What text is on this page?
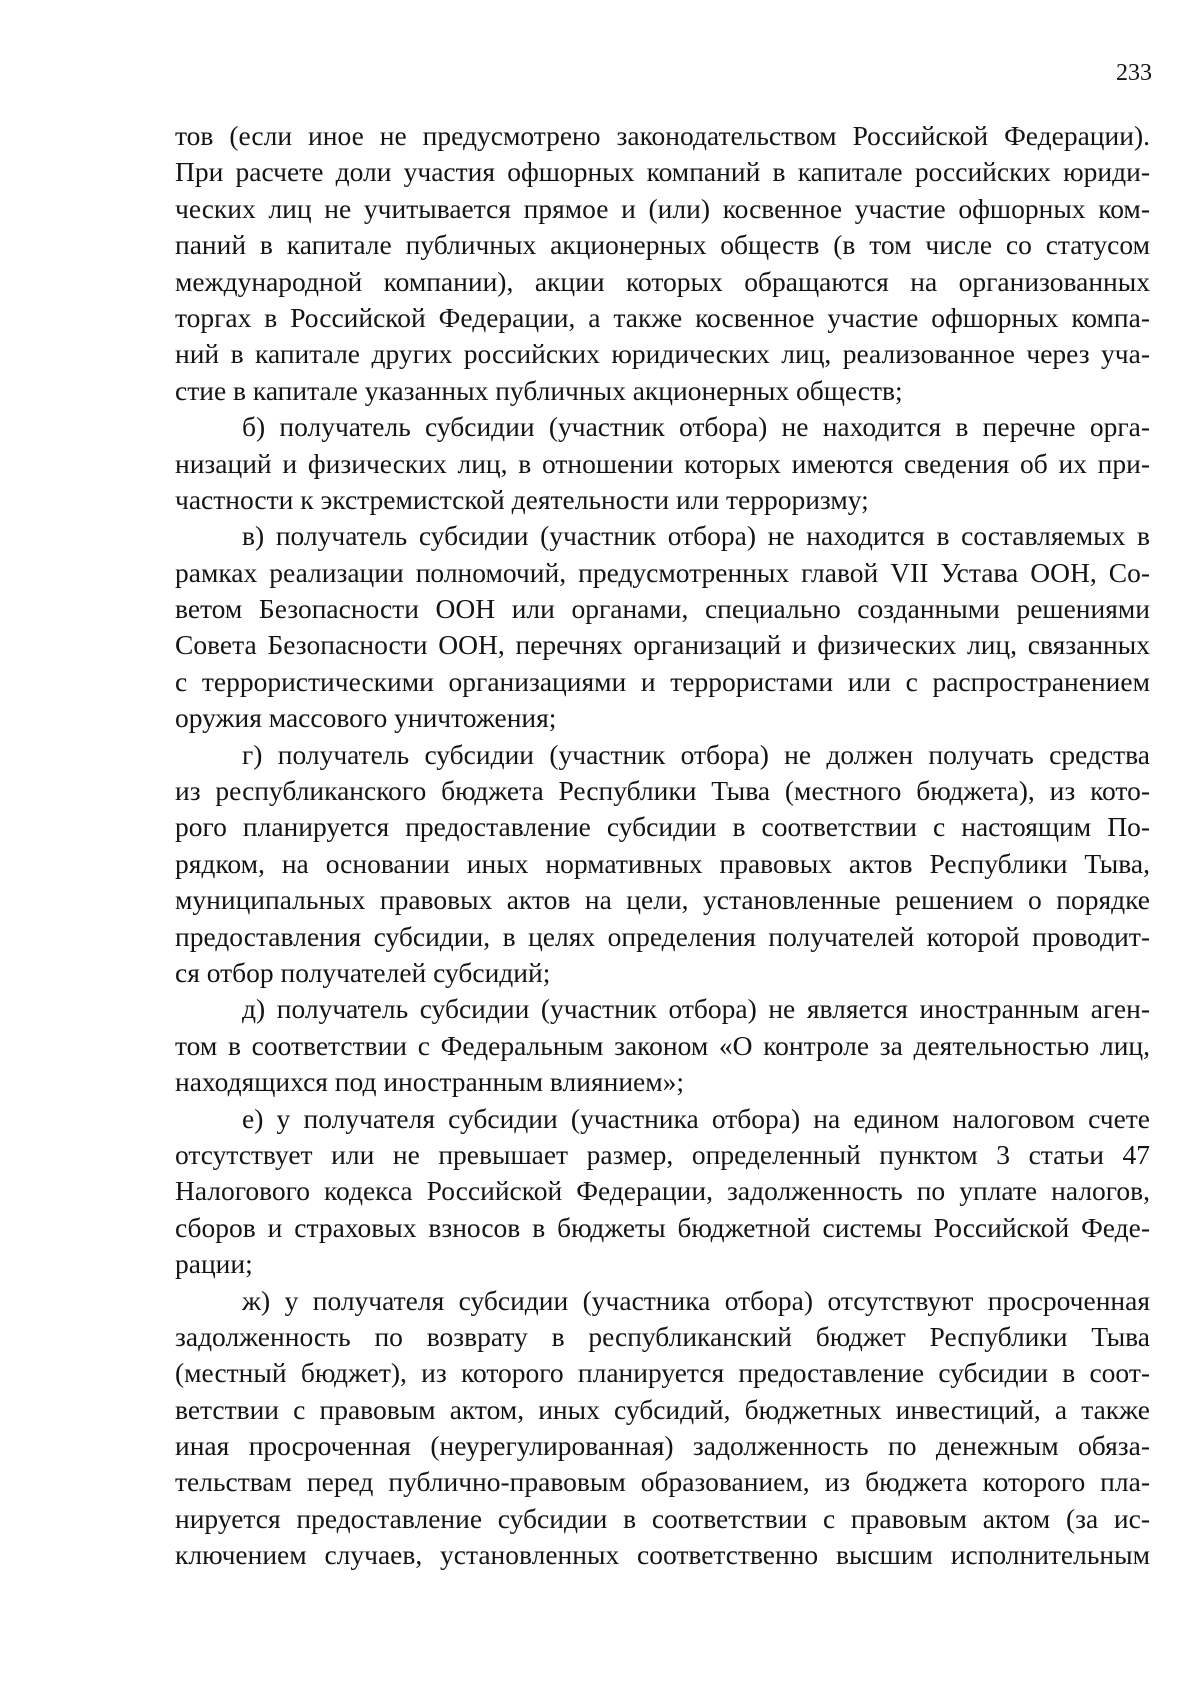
233
тов (если иное не предусмотрено законодательством Российской Федерации).
При расчете доли участия офшорных компаний в капитале российских юриди-
ческих лиц не учитывается прямое и (или) косвенное участие офшорных ком-
паний в капитале публичных акционерных обществ (в том числе со статусом
международной компании), акции которых обращаются на организованных
торгах в Российской Федерации, а также косвенное участие офшорных компа-
ний в капитале других российских юридических лиц, реализованное через уча-
стие в капитале указанных публичных акционерных обществ;
б) получатель субсидии (участник отбора) не находится в перечне орга-
низаций и физических лиц, в отношении которых имеются сведения об их при-
частности к экстремистской деятельности или терроризму;
в) получатель субсидии (участник отбора) не находится в составляемых в
рамках реализации полномочий, предусмотренных главой VII Устава ООН, Со-
ветом Безопасности ООН или органами, специально созданными решениями
Совета Безопасности ООН, перечнях организаций и физических лиц, связанных
с террористическими организациями и террористами или с распространением
оружия массового уничтожения;
г) получатель субсидии (участник отбора) не должен получать средства
из республиканского бюджета Республики Тыва (местного бюджета), из кото-
рого планируется предоставление субсидии в соответствии с настоящим По-
рядком, на основании иных нормативных правовых актов Республики Тыва,
муниципальных правовых актов на цели, установленные решением о порядке
предоставления субсидии, в целях определения получателей которой проводит-
ся отбор получателей субсидий;
д) получатель субсидии (участник отбора) не является иностранным аген-
том в соответствии с Федеральным законом «О контроле за деятельностью лиц,
находящихся под иностранным влиянием»;
е) у получателя субсидии (участника отбора) на едином налоговом счете
отсутствует или не превышает размер, определенный пунктом 3 статьи 47
Налогового кодекса Российской Федерации, задолженность по уплате налогов,
сборов и страховых взносов в бюджеты бюджетной системы Российской Феде-
рации;
ж) у получателя субсидии (участника отбора) отсутствуют просроченная
задолженность по возврату в республиканский бюджет Республики Тыва
(местный бюджет), из которого планируется предоставление субсидии в соот-
ветствии с правовым актом, иных субсидий, бюджетных инвестиций, а также
иная просроченная (неурегулированная) задолженность по денежным обяза-
тельствам перед публично-правовым образованием, из бюджета которого пла-
нируется предоставление субсидии в соответствии с правовым актом (за ис-
ключением случаев, установленных соответственно высшим исполнительным
